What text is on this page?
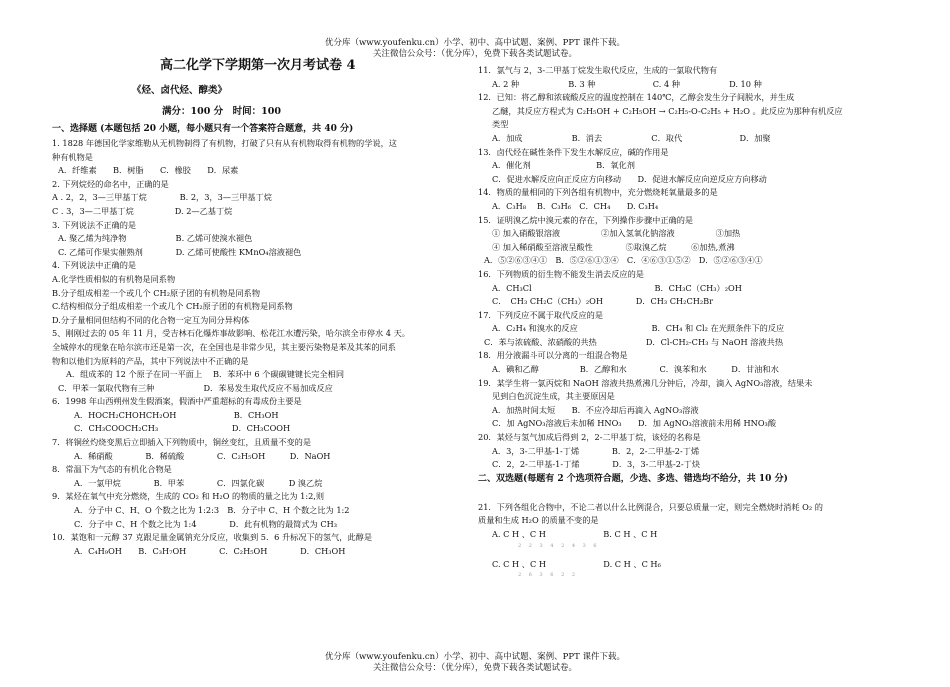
优分库（www.youfenku.cn）小学、初中、高中试题、案例、PPT 课件下载。
关注微信公众号：（优分库），免费下载各类试题试卷。
高二化学下学期第一次月考试卷 4
《烃、卤代烃、醇类》
满分：100 分　时间：100
一、选择题 (本题包括 20 小题，每小题只有一个答案符合题意，共 40 分)
1. 1828 年德国化学家维勒从无机物制得了有机物，打破了只有从有机物取得有机物的学说，这
种有机物是
A．纤维素　　B．树脂　　C．橡胶　　D．尿素
2. 下列烷烃的命名中，正确的是
A . 2，2，3—三甲基丁烷　　　　B. 2，3，3—三甲基丁烷
C . 3，3—二甲基丁烷　　　　　D. 2—乙基丁烷
3. 下列说法不正确的是
A. 聚乙烯为纯净物　　　　　　B. 乙烯可使溴水褪色
C. 乙烯可作果实催熟剂　　　　D. 乙烯可使酸性 KMnO₄溶液褪色
4. 下列说法中正确的是
A.化学性质相似的有机物是同系物
B.分子组成相差一个或几个 CH₂原子团的有机物是同系物
C.结构相似分子组成相差一个或几个 CH₂原子团的有机物是同系物
D.分子量相同但结构不同的化合物一定互为同分异构体
5、刚刚过去的 05 年 11 月，受吉林石化爆炸事故影响、松花江水遭污染，哈尔滨全市停水 4 天。
全城停水的现象在哈尔滨市还是第一次，在全国也是非常少见，其主要污染物是苯及其苯的同系
物和以他们为原料的产品，其中下列说法中不正确的是
A．组成苯的 12 个原子在同一平面上　 B．苯环中 6 个碳碳键键长完全相同
C．甲苯一氯取代物有三种　　　　　　D．苯易发生取代反应不易加成反应
6．1998 年山西朔州发生假酒案，假酒中严重超标的有毒成份主要是
A．HOCH₂CHOHCH₂OH　　　　　　　B．CH₃OH
C．CH₃COOCH₂CH₃　　　　　　　　　D．CH₃COOH
7．将铜丝灼烧变黑后立即插入下列物质中，铜丝变红，且质量不变的是
A．稀硝酸　　　　B．稀硫酸　　　　C．C₂H₅OH　　　D．NaOH
8．常温下为气态的有机化合物是
A．一氯甲烷　　　　B．甲苯　　　　C．四氯化碳　　　D 溴乙烷
9．某烃在氧气中充分燃烧，生成的 CO₂ 和 H₂O 的物质的量之比为 1:2,则
A．分子中 C、H、O 个数之比为 1:2:3　B．分子中 C、H 个数之比为 1:2
C．分子中 C、H 个数之比为 1:4　　　　D．此有机物的最简式为 CH₃
10．某饱和一元醇 37 克跟足量金属钠充分反应，收集到 5．6 升标况下的氢气，此醇是
A．C₄H₉OH　　B．C₃H₇OH　　　　C．C₂H₅OH　　　　D．CH₃OH
11．氯气与 2，3-二甲基丁烷发生取代反应，生成的一氯取代物有
A. 2 种　　　　　　B. 3 种　　　　　　　C. 4 种　　　　　　D. 10 种
12．已知：将乙醇和浓硫酸反应的温度控制在 140℃，乙醇会发生分子间脱水，并生成
乙醚，其反应方程式为 C₂H₅OH + C₂H₅OH → C₂H₅-O-C₂H₅ + H₂O 。此反应为那种有机反应
类型
A．加成　　　　　　B．消去　　　　　　C．取代　　　　　　　D．加聚
13．卤代烃在碱性条件下发生水解反应，碱的作用是
A．催化剂　　　　　　　　B．氧化剂
C．促进水解反应向正反应方向移动　　D．促进水解反应向逆反应方向移动
14．物质的量相同的下列各组有机物中，充分燃烧耗氧量最多的是
A．C₃H₈　 B．C₃H₆　C．CH₄　　D. C₃H₄
15．证明溴乙烷中溴元素的存在，下列操作步骤中正确的是
① 加入硝酸银溶液　　　　　②加入氢氧化钠溶液　　　　　③加热
④ 加入稀硝酸至溶液呈酸性　　　　⑤取溴乙烷　　　⑥加热,煮沸
A．⑤②⑥③④①　B．⑤②⑥①③④　C．④⑥③①⑤②　D．⑤②⑥③④①
16．下列物质的衍生物不能发生消去反应的是
A．CH₃Cl　　　　　　　　　　　　　　　B．CH₃C（CH₃）₂OH
C．　CH₃ CH₂C（CH₃）₂OH　　　　D．CH₃ CH₂CH₂Br
17．下列反应不属于取代反应的是
A．C₂H₄ 和溴水的反应　　　　　　　　　B．CH₄ 和 Cl₂ 在光照条件下的反应
C．苯与浓硫酸、浓硝酸的共热　　　　　　D．Cl-CH₂-CH₃ 与 NaOH 溶液共热
18．用分液漏斗可以分离的一组混合物是
A．碘和乙醇　　　　　B．乙醇和水　　　　C．溴苯和水　　　D．甘油和水
19．某学生将一氯丙烷和 NaOH 溶液共热煮沸几分钟后，冷却，滴入 AgNO₃溶液，结果未
见到白色沉淀生成，其主要原因是
A．加热时间太短　　B．不应冷却后再滴入 AgNO₃溶液
C．加 AgNO₃溶液后未加稀 HNO₃　　D．加 AgNO₃溶液前未用稀 HNO₃酸
20．某烃与氢气加成后得到 2，2-二甲基丁烷，该烃的名称是
A．3，3-二甲基-1-丁烯　　　　B．2，2-二甲基-2-丁烯
C．2，2-二甲基-1-丁烯　　　　D．3，3-二甲基-2-丁炔
二、双选题(每题有 2 个选项符合题，少选、多选、错选均不给分，共 10 分)
21．下列各组化合物中，不论二者以什么比例混合，只要总质量一定，则完全燃烧时消耗 O₂ 的
质量和生成 H₂O 的质量不变的是
A. C H 、C H　　　　　　　B. C H 、C H
2 2 3 4 2 4 3 6
C. C H 、C H　　　　　　　D. C H 、C H₆
2 6 3 6 2 2
优分库（www.youfenku.cn）小学、初中、高中试题、案例、PPT 课件下载。
关注微信公众号：（优分库），免费下载各类试题试卷。
